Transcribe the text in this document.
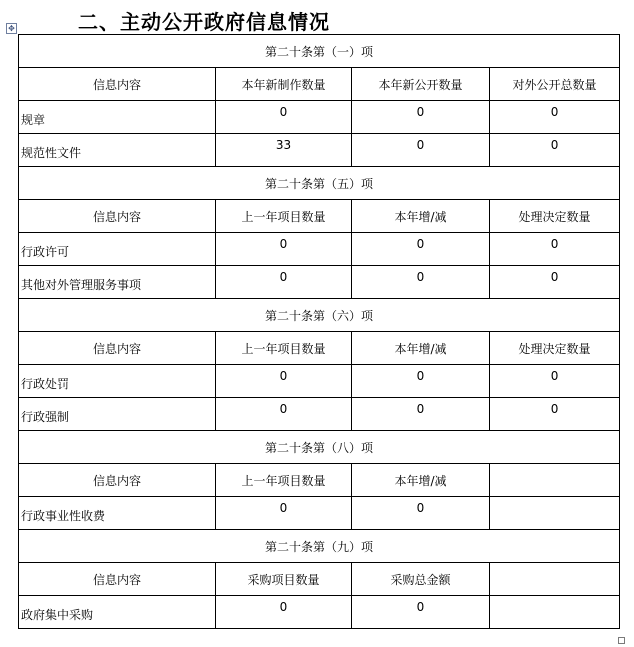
二、主动公开政府信息情况
✥
第二十条第（一）项			
信息内容	本年新制作数量	本年新公开数量	对外公开总数量
规章	0	0	0
规范性文件	33	0	0
第二十条第（五）项			
信息内容	上一年项目数量	本年增/减	处理决定数量
行政许可	0	0	0
其他对外管理服务事项	0	0	0
第二十条第（六）项			
信息内容	上一年项目数量	本年增/减	处理决定数量
行政处罚	0	0	0
行政强制	0	0	0
第二十条第（八）项			
信息内容	上一年项目数量	本年增/减	
行政事业性收费	0	0	
第二十条第（九）项			
信息内容	采购项目数量	采购总金额	
政府集中采购	0	0	
